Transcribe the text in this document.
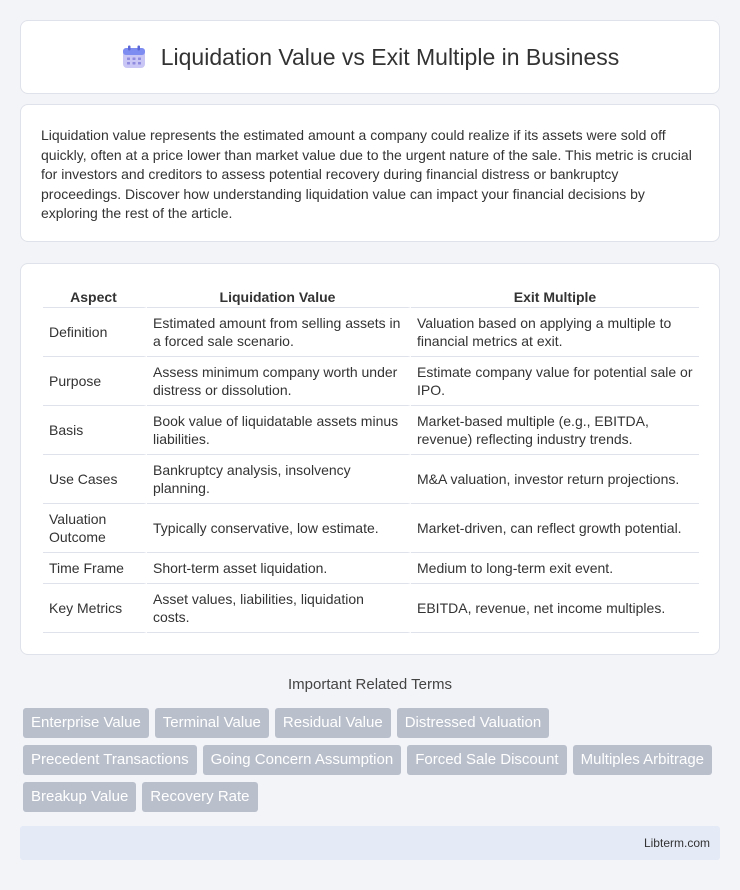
Liquidation Value vs Exit Multiple in Business

Liquidation value represents the estimated amount a company could realize if its assets were sold off quickly, often at a price lower than market value due to the urgent nature of the sale. This metric is crucial for investors and creditors to assess potential recovery during financial distress or bankruptcy proceedings. Discover how understanding liquidation value can impact your financial decisions by exploring the rest of the article.

Aspect	Liquidation Value	Exit Multiple
Definition	Estimated amount from selling assets in a forced sale scenario.	Valuation based on applying a multiple to financial metrics at exit.
Purpose	Assess minimum company worth under distress or dissolution.	Estimate company value for potential sale or IPO.
Basis	Book value of liquidatable assets minus liabilities.	Market-based multiple (e.g., EBITDA, revenue) reflecting industry trends.
Use Cases	Bankruptcy analysis, insolvency planning.	M&A valuation, investor return projections.
Valuation Outcome	Typically conservative, low estimate.	Market-driven, can reflect growth potential.
Time Frame	Short-term asset liquidation.	Medium to long-term exit event.
Key Metrics	Asset values, liabilities, liquidation costs.	EBITDA, revenue, net income multiples.
Important Related Terms
Enterprise Value	Terminal Value	Residual Value	Distressed Valuation
Precedent Transactions	Going Concern Assumption	Forced Sale Discount	Multiples Arbitrage
Breakup Value	Recovery Rate
Libterm.com
